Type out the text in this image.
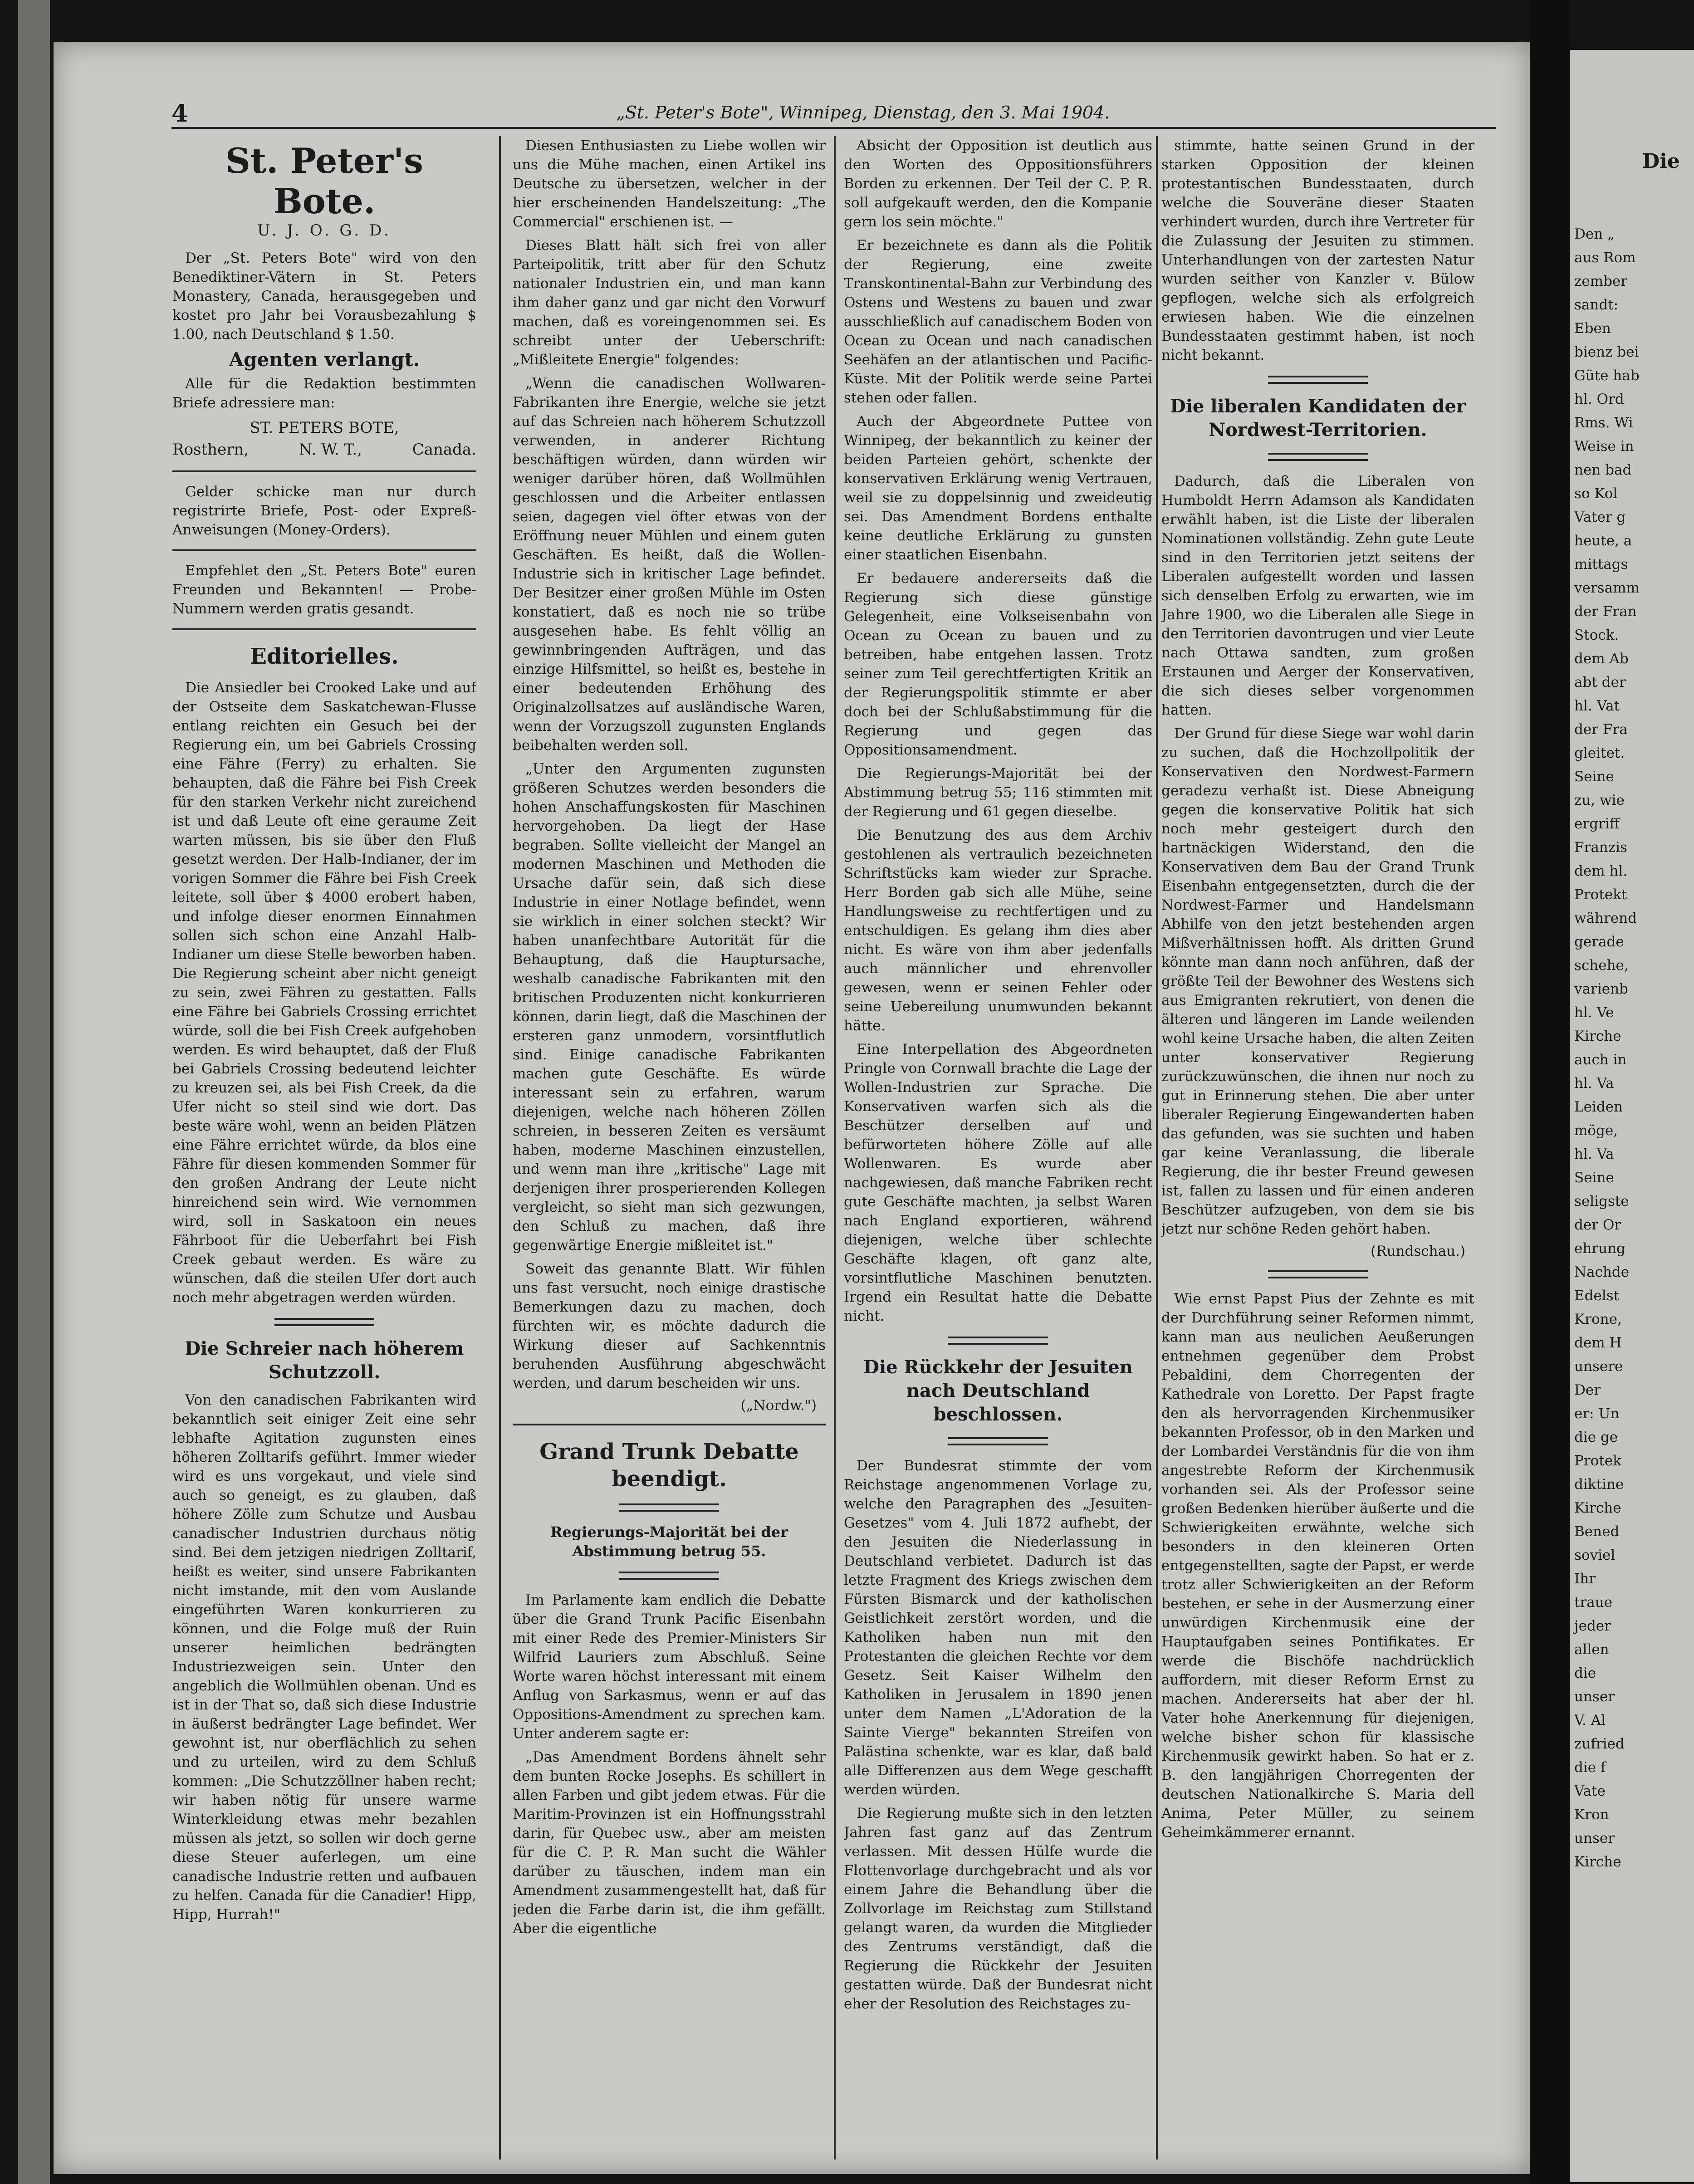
4	„St. Peter's Bote", Winnipeg, Dienstag, den 3. Mai 1904.
St. Peter's Bote.
U. J. O. G. D.

Der „St. Peters Bote" wird von den Benediktiner-Vätern in St. Peters Monastery, Canada, herausgegeben und kostet pro Jahr bei Vorausbezahlung $ 1.00, nach Deutschland $ 1.50.

Agenten verlangt.

Alle für die Redaktion bestimmten Briefe adressiere man:

ST. PETERS BOTE,
Rosthern,	N. W. T.,	Canada.

Gelder schicke man nur durch registrirte Briefe, Post- oder Expreß-Anweisungen (Money-Orders).

Empfehlet den „St. Peters Bote" euren Freunden und Bekannten! — Probe-Nummern werden gratis gesandt.

Editorielles.

Die Ansiedler bei Crooked Lake und auf der Ostseite dem Saskatchewan-Flusse entlang reichten ein Gesuch bei der Regierung ein, um bei Gabriels Crossing eine Fähre (Ferry) zu erhalten. Sie behaupten, daß die Fähre bei Fish Creek für den starken Verkehr nicht zureichend ist und daß Leute oft eine geraume Zeit warten müssen, bis sie über den Fluß gesetzt werden. Der Halb-Indianer, der im vorigen Sommer die Fähre bei Fish Creek leitete, soll über $ 4000 erobert haben, und infolge dieser enormen Einnahmen sollen sich schon eine Anzahl Halb-Indianer um diese Stelle beworben haben. Die Regierung scheint aber nicht geneigt zu sein, zwei Fähren zu gestatten. Falls eine Fähre bei Gabriels Crossing errichtet würde, soll die bei Fish Creek aufgehoben werden. Es wird behauptet, daß der Fluß bei Gabriels Crossing bedeutend leichter zu kreuzen sei, als bei Fish Creek, da die Ufer nicht so steil sind wie dort. Das beste wäre wohl, wenn an beiden Plätzen eine Fähre errichtet würde, da blos eine Fähre für diesen kommenden Sommer für den großen Andrang der Leute nicht hinreichend sein wird. Wie vernommen wird, soll in Saskatoon ein neues Fährboot für die Ueberfahrt bei Fish Creek gebaut werden. Es wäre zu wünschen, daß die steilen Ufer dort auch noch mehr abgetragen werden würden.

Die Schreier nach höherem Schutzzoll.

Von den canadischen Fabrikanten wird bekanntlich seit einiger Zeit eine sehr lebhafte Agitation zugunsten eines höheren Zolltarifs geführt. Immer wieder wird es uns vorgekaut, und viele sind auch so geneigt, es zu glauben, daß höhere Zölle zum Schutze und Ausbau canadischer Industrien durchaus nötig sind. Bei dem jetzigen niedrigen Zolltarif, heißt es weiter, sind unsere Fabrikanten nicht imstande, mit den vom Auslande eingeführten Waren konkurrieren zu können, und die Folge muß der Ruin unserer heimlichen bedrängten Industriezweigen sein. Unter den angeblich die Wollmühlen obenan. Und es ist in der That so, daß sich diese Industrie in äußerst bedrängter Lage befindet. Wer gewohnt ist, nur oberflächlich zu sehen und zu urteilen, wird zu dem Schluß kommen: „Die Schutzzöllner haben recht; wir haben nötig für unsere warme Winterkleidung etwas mehr bezahlen müssen als jetzt, so sollen wir doch gerne diese Steuer auferlegen, um eine canadische Industrie retten und aufbauen zu helfen. Canada für die Canadier! Hipp, Hipp, Hurrah!"

Diesen Enthusiasten zu Liebe wollen wir uns die Mühe machen, einen Artikel ins Deutsche zu übersetzen, welcher in der hier erscheinenden Handelszeitung: „The Commercial" erschienen ist. —

Dieses Blatt hält sich frei von aller Parteipolitik, tritt aber für den Schutz nationaler Industrien ein, und man kann ihm daher ganz und gar nicht den Vorwurf machen, daß es voreingenommen sei. Es schreibt unter der Ueberschrift: „Mißleitete Energie" folgendes:

„Wenn die canadischen Wollwaren-Fabrikanten ihre Energie, welche sie jetzt auf das Schreien nach höherem Schutzzoll verwenden, in anderer Richtung beschäftigen würden, dann würden wir weniger darüber hören, daß Wollmühlen geschlossen und die Arbeiter entlassen seien, dagegen viel öfter etwas von der Eröffnung neuer Mühlen und einem guten Geschäften. Es heißt, daß die Wollen-Industrie sich in kritischer Lage befindet. Der Besitzer einer großen Mühle im Osten konstatiert, daß es noch nie so trübe ausgesehen habe. Es fehlt völlig an gewinnbringenden Aufträgen, und das einzige Hilfsmittel, so heißt es, bestehe in einer bedeutenden Erhöhung des Originalzollsatzes auf ausländische Waren, wenn der Vorzugszoll zugunsten Englands beibehalten werden soll.

„Unter den Argumenten zugunsten größeren Schutzes werden besonders die hohen Anschaffungskosten für Maschinen hervorgehoben. Da liegt der Hase begraben. Sollte vielleicht der Mangel an modernen Maschinen und Methoden die Ursache dafür sein, daß sich diese Industrie in einer Notlage befindet, wenn sie wirklich in einer solchen steckt? Wir haben unanfechtbare Autorität für die Behauptung, daß die Hauptursache, weshalb canadische Fabrikanten mit den britischen Produzenten nicht konkurrieren können, darin liegt, daß die Maschinen der ersteren ganz unmodern, vorsintflutlich sind. Einige canadische Fabrikanten machen gute Geschäfte. Es würde interessant sein zu erfahren, warum diejenigen, welche nach höheren Zöllen schreien, in besseren Zeiten es versäumt haben, moderne Maschinen einzustellen, und wenn man ihre „kritische" Lage mit derjenigen ihrer prosperierenden Kollegen vergleicht, so sieht man sich gezwungen, den Schluß zu machen, daß ihre gegenwärtige Energie mißleitet ist."

Soweit das genannte Blatt. Wir fühlen uns fast versucht, noch einige drastische Bemerkungen dazu zu machen, doch fürchten wir, es möchte dadurch die Wirkung dieser auf Sachkenntnis beruhenden Ausführung abgeschwächt werden, und darum bescheiden wir uns.

(„Nordw.")
Grand Trunk Debatte beendigt.
Regierungs-Majorität bei der Abstimmung betrug 55.

Im Parlamente kam endlich die Debatte über die Grand Trunk Pacific Eisenbahn mit einer Rede des Premier-Ministers Sir Wilfrid Lauriers zum Abschluß. Seine Worte waren höchst interessant mit einem Anflug von Sarkasmus, wenn er auf das Oppositions-Amendment zu sprechen kam. Unter anderem sagte er:

„Das Amendment Bordens ähnelt sehr dem bunten Rocke Josephs. Es schillert in allen Farben und gibt jedem etwas. Für die Maritim-Provinzen ist ein Hoffnungsstrahl darin, für Quebec usw., aber am meisten für die C. P. R. Man sucht die Wähler darüber zu täuschen, indem man ein Amendment zusammengestellt hat, daß für jeden die Farbe darin ist, die ihm gefällt. Aber die eigentliche

Absicht der Opposition ist deutlich aus den Worten des Oppositionsführers Borden zu erkennen. Der Teil der C. P. R. soll aufgekauft werden, den die Kompanie gern los sein möchte."

Er bezeichnete es dann als die Politik der Regierung, eine zweite Transkontinental-Bahn zur Verbindung des Ostens und Westens zu bauen und zwar ausschließlich auf canadischem Boden von Ocean zu Ocean und nach canadischen Seehäfen an der atlantischen und Pacific-Küste. Mit der Politik werde seine Partei stehen oder fallen.

Auch der Abgeordnete Puttee von Winnipeg, der bekanntlich zu keiner der beiden Parteien gehört, schenkte der konservativen Erklärung wenig Vertrauen, weil sie zu doppelsinnig und zweideutig sei. Das Amendment Bordens enthalte keine deutliche Erklärung zu gunsten einer staatlichen Eisenbahn.

Er bedauere andererseits daß die Regierung sich diese günstige Gelegenheit, eine Volkseisenbahn von Ocean zu Ocean zu bauen und zu betreiben, habe entgehen lassen. Trotz seiner zum Teil gerechtfertigten Kritik an der Regierungspolitik stimmte er aber doch bei der Schlußabstimmung für die Regierung und gegen das Oppositionsamendment.

Die Regierungs-Majorität bei der Abstimmung betrug 55; 116 stimmten mit der Regierung und 61 gegen dieselbe.

Die Benutzung des aus dem Archiv gestohlenen als vertraulich bezeichneten Schriftstücks kam wieder zur Sprache. Herr Borden gab sich alle Mühe, seine Handlungsweise zu rechtfertigen und zu entschuldigen. Es gelang ihm dies aber nicht. Es wäre von ihm aber jedenfalls auch männlicher und ehrenvoller gewesen, wenn er seinen Fehler oder seine Uebereilung unumwunden bekannt hätte.

Eine Interpellation des Abgeordneten Pringle von Cornwall brachte die Lage der Wollen-Industrien zur Sprache. Die Konservativen warfen sich als die Beschützer derselben auf und befürworteten höhere Zölle auf alle Wollenwaren. Es wurde aber nachgewiesen, daß manche Fabriken recht gute Geschäfte machten, ja selbst Waren nach England exportieren, während diejenigen, welche über schlechte Geschäfte klagen, oft ganz alte, vorsintflutliche Maschinen benutzten. Irgend ein Resultat hatte die Debatte nicht.

Die Rückkehr der Jesuiten nach Deutschland beschlossen.

Der Bundesrat stimmte der vom Reichstage angenommenen Vorlage zu, welche den Paragraphen des „Jesuiten-Gesetzes" vom 4. Juli 1872 aufhebt, der den Jesuiten die Niederlassung in Deutschland verbietet. Dadurch ist das letzte Fragment des Kriegs zwischen dem Fürsten Bismarck und der katholischen Geistlichkeit zerstört worden, und die Katholiken haben nun mit den Protestanten die gleichen Rechte vor dem Gesetz. Seit Kaiser Wilhelm den Katholiken in Jerusalem in 1890 jenen unter dem Namen „L'Adoration de la Sainte Vierge" bekannten Streifen von Palästina schenkte, war es klar, daß bald alle Differenzen aus dem Wege geschafft werden würden.

Die Regierung mußte sich in den letzten Jahren fast ganz auf das Zentrum verlassen. Mit dessen Hülfe wurde die Flottenvorlage durchgebracht und als vor einem Jahre die Behandlung über die Zollvorlage im Reichstag zum Stillstand gelangt waren, da wurden die Mitglieder des Zentrums verständigt, daß die Regierung die Rückkehr der Jesuiten gestatten würde. Daß der Bundesrat nicht eher der Resolution des Reichstages zu-

stimmte, hatte seinen Grund in der starken Opposition der kleinen protestantischen Bundesstaaten, durch welche die Souveräne dieser Staaten verhindert wurden, durch ihre Vertreter für die Zulassung der Jesuiten zu stimmen. Unterhandlungen von der zartesten Natur wurden seither von Kanzler v. Bülow gepflogen, welche sich als erfolgreich erwiesen haben. Wie die einzelnen Bundesstaaten gestimmt haben, ist noch nicht bekannt.

Die liberalen Kandidaten der Nordwest-Territorien.

Dadurch, daß die Liberalen von Humboldt Herrn Adamson als Kandidaten erwählt haben, ist die Liste der liberalen Nominationen vollständig. Zehn gute Leute sind in den Territorien jetzt seitens der Liberalen aufgestellt worden und lassen sich denselben Erfolg zu erwarten, wie im Jahre 1900, wo die Liberalen alle Siege in den Territorien davontrugen und vier Leute nach Ottawa sandten, zum großen Erstaunen und Aerger der Konservativen, die sich dieses selber vorgenommen hatten.

Der Grund für diese Siege war wohl darin zu suchen, daß die Hochzollpolitik der Konservativen den Nordwest-Farmern geradezu verhaßt ist. Diese Abneigung gegen die konservative Politik hat sich noch mehr gesteigert durch den hartnäckigen Widerstand, den die Konservativen dem Bau der Grand Trunk Eisenbahn entgegensetzten, durch die der Nordwest-Farmer und Handelsmann Abhilfe von den jetzt bestehenden argen Mißverhältnissen hofft. Als dritten Grund könnte man dann noch anführen, daß der größte Teil der Bewohner des Westens sich aus Emigranten rekrutiert, von denen die älteren und längeren im Lande weilenden wohl keine Ursache haben, die alten Zeiten unter konservativer Regierung zurückzuwünschen, die ihnen nur noch zu gut in Erinnerung stehen. Die aber unter liberaler Regierung Eingewanderten haben das gefunden, was sie suchten und haben gar keine Veranlassung, die liberale Regierung, die ihr bester Freund gewesen ist, fallen zu lassen und für einen anderen Beschützer aufzugeben, von dem sie bis jetzt nur schöne Reden gehört haben.

(Rundschau.)

Wie ernst Papst Pius der Zehnte es mit der Durchführung seiner Reformen nimmt, kann man aus neulichen Aeußerungen entnehmen gegenüber dem Probst Pebaldini, dem Chorregenten der Kathedrale von Loretto. Der Papst fragte den als hervorragenden Kirchenmusiker bekannten Professor, ob in den Marken und der Lombardei Verständnis für die von ihm angestrebte Reform der Kirchenmusik vorhanden sei. Als der Professor seine großen Bedenken hierüber äußerte und die Schwierigkeiten erwähnte, welche sich besonders in den kleineren Orten entgegenstellten, sagte der Papst, er werde trotz aller Schwierigkeiten an der Reform bestehen, er sehe in der Ausmerzung einer unwürdigen Kirchenmusik eine der Hauptaufgaben seines Pontifikates. Er werde die Bischöfe nachdrücklich auffordern, mit dieser Reform Ernst zu machen. Andererseits hat aber der hl. Vater hohe Anerkennung für diejenigen, welche bisher schon für klassische Kirchenmusik gewirkt haben. So hat er z. B. den langjährigen Chorregenten der deutschen Nationalkirche S. Maria dell Anima, Peter Müller, zu seinem Geheimkämmerer ernannt.

Die
Den „
aus Rom
zember
sandt:
Eben
bienz bei
Güte hab
hl. Ord
Rms. Wi
Weise in
nen bad
so Kol
Vater g
heute, a
mittags
versamm
der Fran
Stock.
dem Ab
abt der
hl. Vat
der Fra
gleitet.
Seine
zu, wie
ergriff
Franzis
dem hl.
Protekt
während
gerade
schehe,
varienb
hl. Ve
Kirche
auch in
hl. Va
Leiden
möge,
hl. Va
Seine
seligste
der Or
ehrung
Nachde
Edelst
Krone,
dem H
unsere
Der
er: Un
die ge
Protek
diktine
Kirche
Bened
soviel
Ihr
traue
jeder
allen
die
unser
V. Al
zufried
die f
Vate
Kron
unser
Kirche
